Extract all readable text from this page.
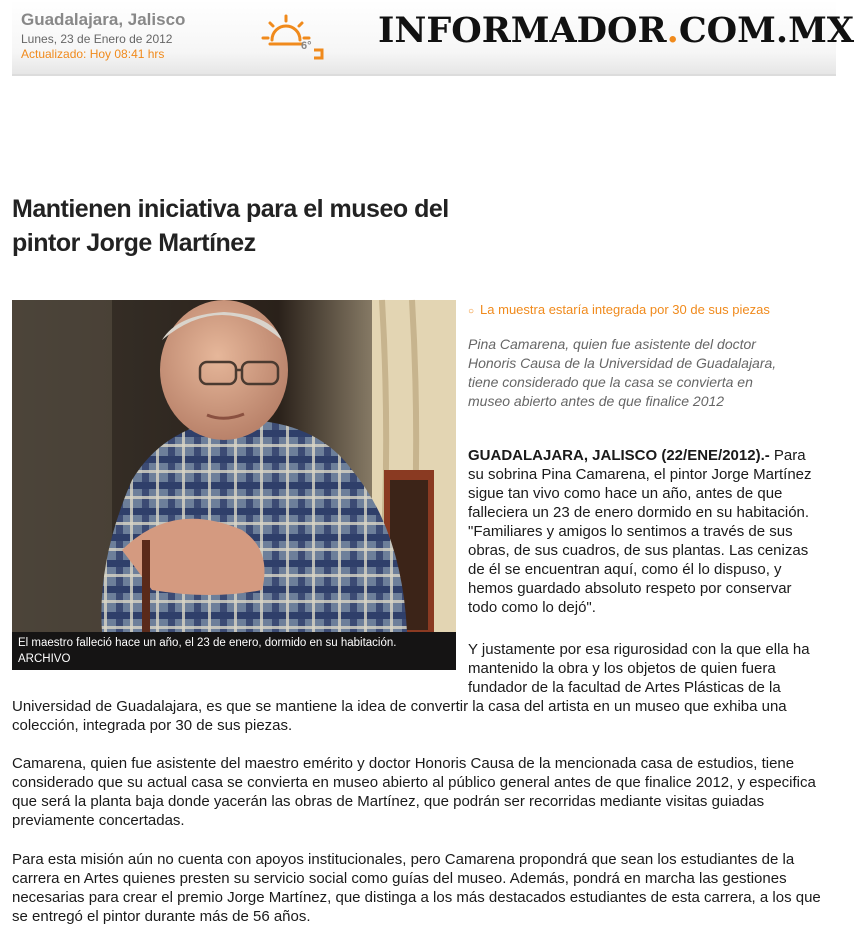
Guadalajara, Jalisco
Lunes, 23 de Enero de 2012
Actualizado: Hoy 08:41 hrs
6° INFORMADOR.COM.MX
Mantienen iniciativa para el museo del pintor Jorge Martínez
El maestro falleció hace un año, el 23 de enero, dormido en su habitación.
ARCHIVO
○ La muestra estaría integrada por 30 de sus piezas

Pina Camarena, quien fue asistente del doctor Honoris Causa de la Universidad de Guadalajara, tiene considerado que la casa se convierta en museo abierto antes de que finalice 2012

GUADALAJARA, JALISCO (22/ENE/2012).- Para su sobrina Pina Camarena, el pintor Jorge Martínez sigue tan vivo como hace un año, antes de que falleciera un 23 de enero dormido en su habitación. "Familiares y amigos lo sentimos a través de sus obras, de sus cuadros, de sus plantas. Las cenizas de él se encuentran aquí, como él lo dispuso, y hemos guardado absoluto respeto por conservar todo como lo dejó".

Y justamente por esa rigurosidad con la que ella ha mantenido la obra y los objetos de quien fuera fundador de la facultad de Artes Plásticas de la

Universidad de Guadalajara, es que se mantiene la idea de convertir la casa del artista en un museo que exhiba una colección, integrada por 30 de sus piezas.

Camarena, quien fue asistente del maestro emérito y doctor Honoris Causa de la mencionada casa de estudios, tiene considerado que su actual casa se convierta en museo abierto al público general antes de que finalice 2012, y especifica que será la planta baja donde yacerán las obras de Martínez, que podrán ser recorridas mediante visitas guiadas previamente concertadas.

Para esta misión aún no cuenta con apoyos institucionales, pero Camarena propondrá que sean los estudiantes de la carrera en Artes quienes presten su servicio social como guías del museo. Además, pondrá en marcha las gestiones necesarias para crear el premio Jorge Martínez, que distinga a los más destacados estudiantes de esta carrera, a los que se entregó el pintor durante más de 56 años.
